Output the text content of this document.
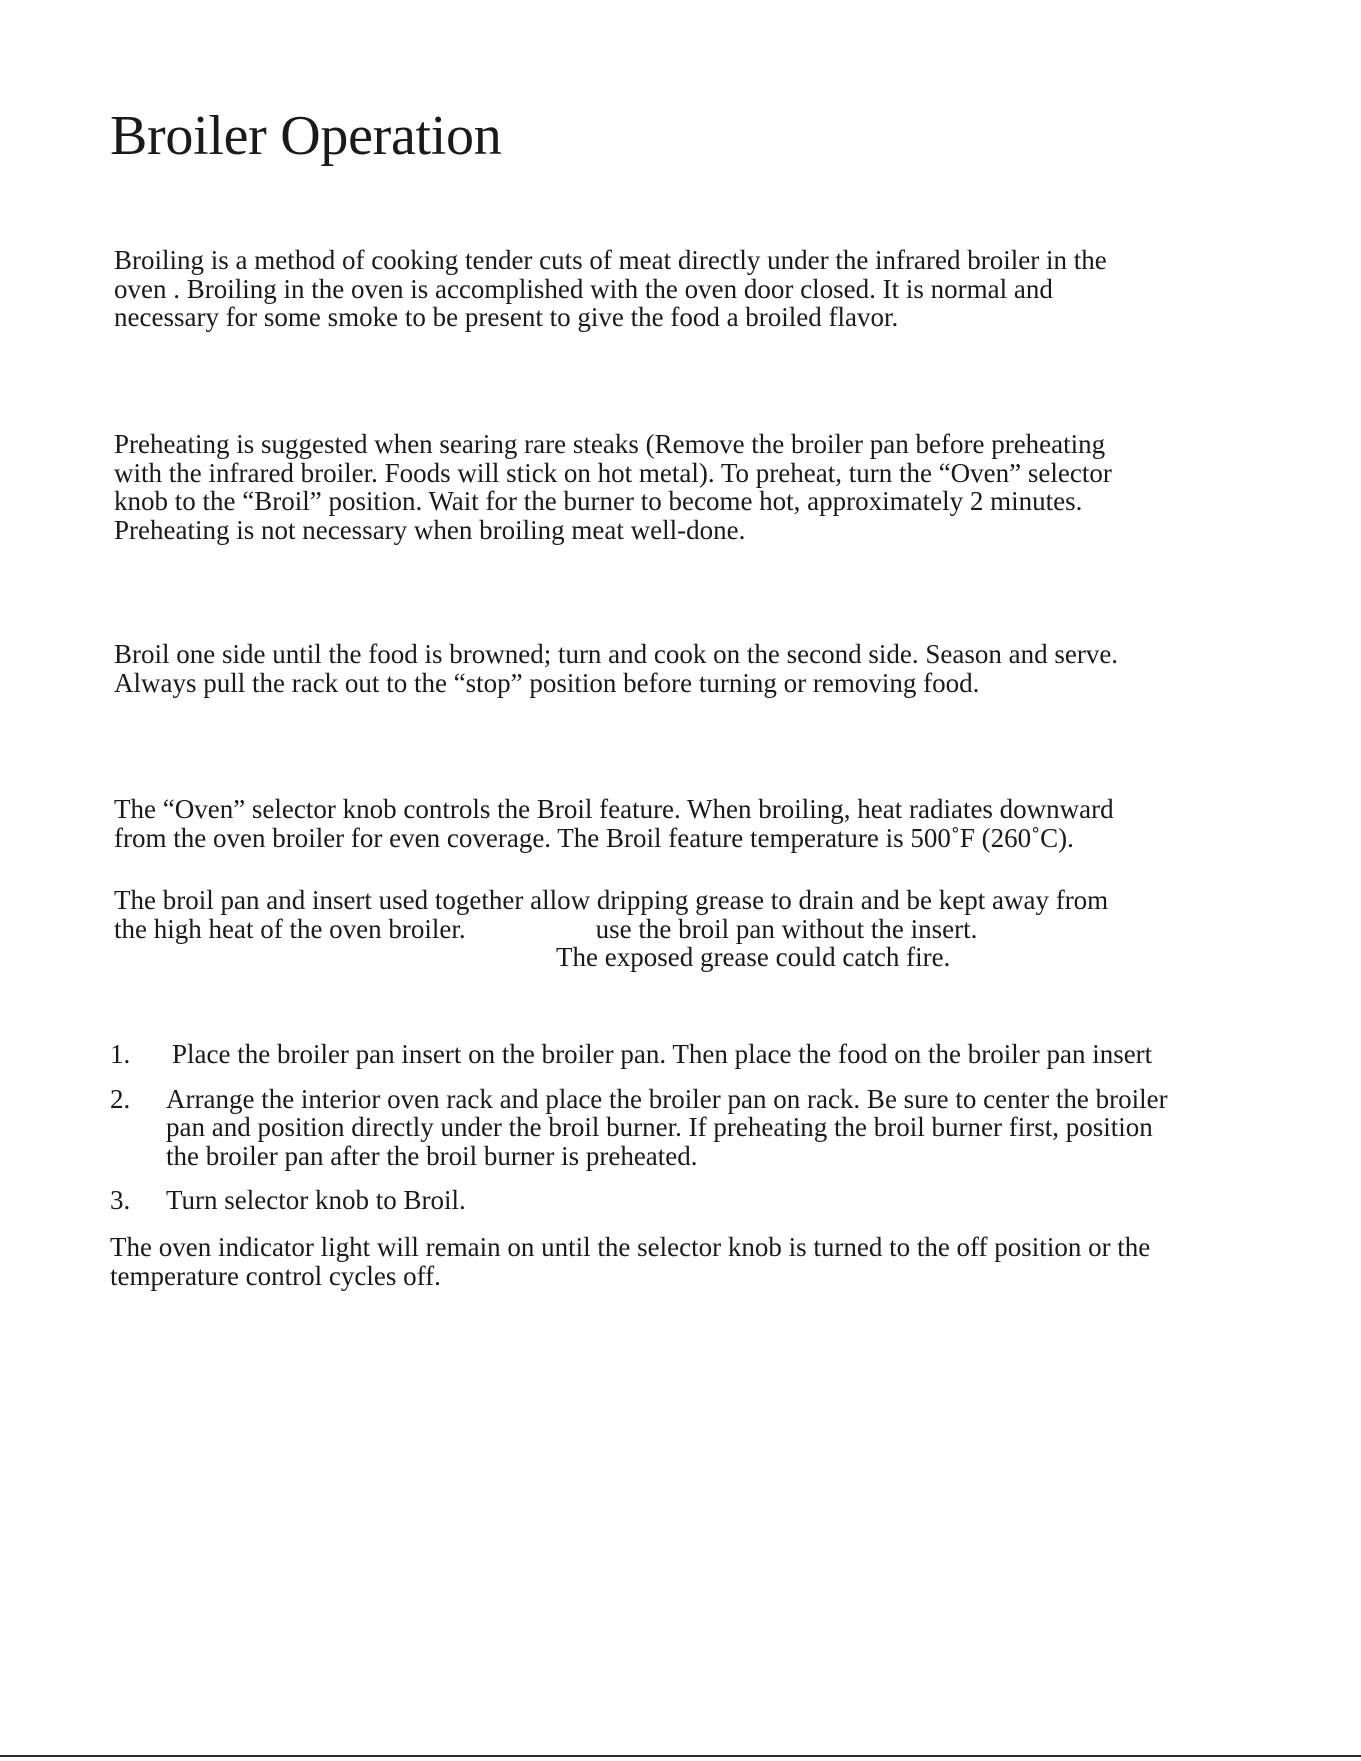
Broiler Operation

Broiling is a method of cooking tender cuts of meat directly under the infrared broiler in the
oven . Broiling in the oven is accomplished with the oven door closed. It is normal and
necessary for some smoke to be present to give the food a broiled flavor.

Preheating is suggested when searing rare steaks (Remove the broiler pan before preheating
with the infrared broiler. Foods will stick on hot metal). To preheat, turn the “Oven” selector
knob to the “Broil” position. Wait for the burner to become hot, approximately 2 minutes.
Preheating is not necessary when broiling meat well-done.

Broil one side until the food is browned; turn and cook on the second side. Season and serve.
Always pull the rack out to the “stop” position before turning or removing food.

The “Oven” selector knob controls the Broil feature. When broiling, heat radiates downward
from the oven broiler for even coverage. The Broil feature temperature is 500˚F (260˚C).

The broil pan and insert used together allow dripping grease to drain and be kept away from
the high heat of the oven broiler.	use the broil pan without the insert.
The exposed grease could catch fire.

1. Place the broiler pan insert on the broiler pan. Then place the food on the broiler pan insert
2. Arrange the interior oven rack and place the broiler pan on rack. Be sure to center the broiler
pan and position directly under the broil burner. If preheating the broil burner first, position
the broiler pan after the broil burner is preheated.
3. Turn selector knob to Broil.

The oven indicator light will remain on until the selector knob is turned to the off position or the
temperature control cycles off.
